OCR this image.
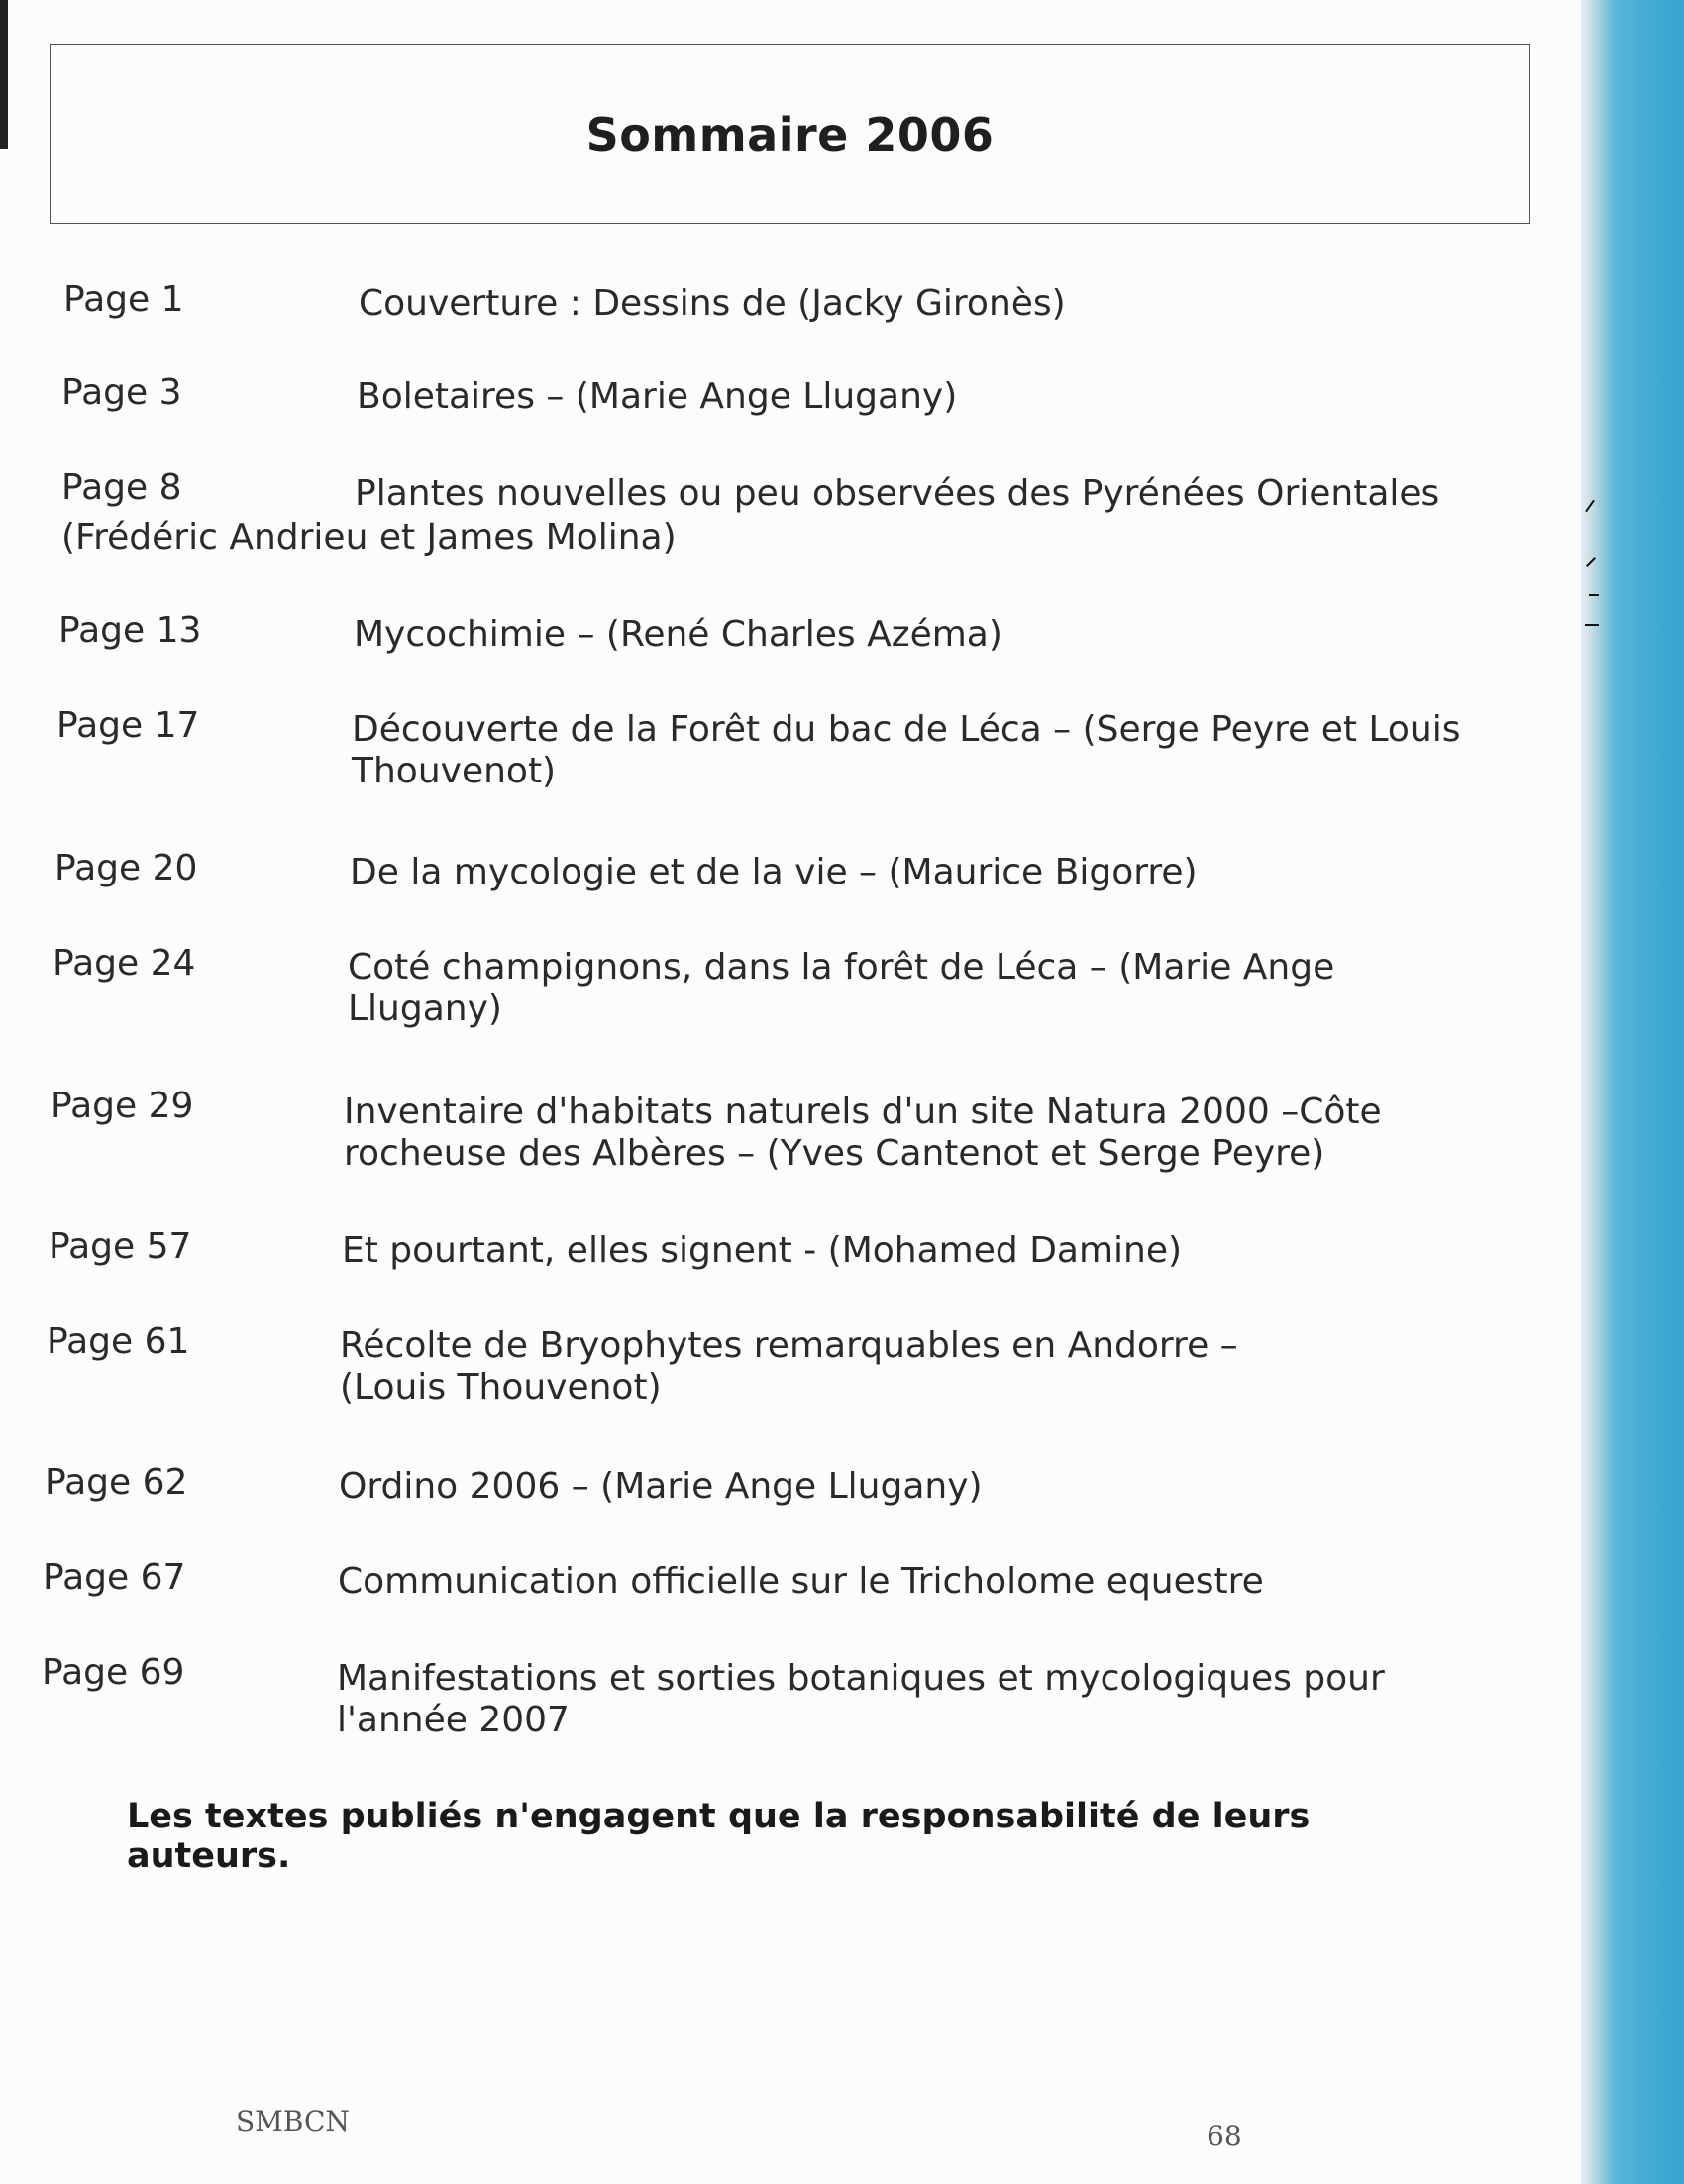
Sommaire 2006
Page 1	Couverture : Dessins de (Jacky Gironès)
Page 3	Boletaires – (Marie Ange Llugany)
Page 8	Plantes nouvelles ou peu observées des Pyrénées Orientales
(Frédéric Andrieu et James Molina)
Page 13	Mycochimie – (René Charles Azéma)
Page 17	Découverte de la Forêt du bac de Léca – (Serge Peyre et Louis Thouvenot)
Page 20	De la mycologie et de la vie – (Maurice Bigorre)
Page 24	Coté champignons, dans la forêt de Léca – (Marie Ange Llugany)
Page 29	Inventaire d'habitats naturels d'un site Natura 2000 –Côte rocheuse des Albères – (Yves Cantenot et Serge Peyre)
Page 57	Et pourtant, elles signent - (Mohamed Damine)
Page 61	Récolte de Bryophytes remarquables en Andorre – (Louis Thouvenot)
Page 62	Ordino 2006 – (Marie Ange Llugany)
Page 67	Communication officielle sur le Tricholome equestre
Page 69	Manifestations et sorties botaniques et mycologiques pour l'année 2007
Les textes publiés n'engagent que la responsabilité de leurs auteurs.
SMBCN	68
